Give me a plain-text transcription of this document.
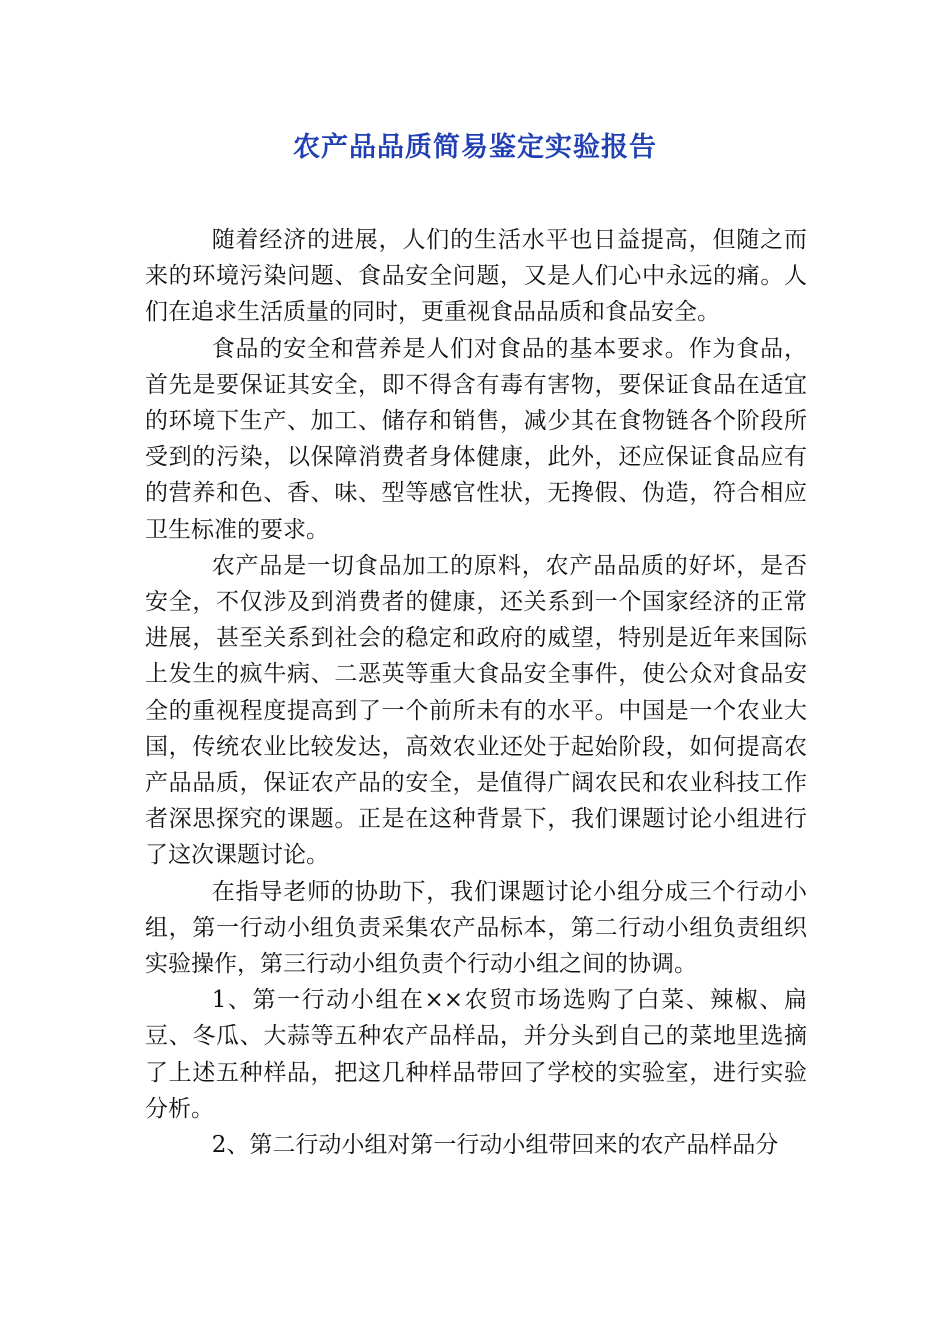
农产品品质简易鉴定实验报告

随着经济的进展，人们的生活水平也日益提高，但随之而来的环境污染问题、食品安全问题，又是人们心中永远的痛。人们在追求生活质量的同时，更重视食品品质和食品安全。

食品的安全和营养是人们对食品的基本要求。作为食品，首先是要保证其安全，即不得含有毒有害物，要保证食品在适宜的环境下生产、加工、储存和销售，减少其在食物链各个阶段所受到的污染，以保障消费者身体健康，此外，还应保证食品应有的营养和色、香、味、型等感官性状，无搀假、伪造，符合相应卫生标准的要求。

农产品是一切食品加工的原料，农产品品质的好坏，是否安全，不仅涉及到消费者的健康，还关系到一个国家经济的正常进展，甚至关系到社会的稳定和政府的威望，特别是近年来国际上发生的疯牛病、二恶英等重大食品安全事件，使公众对食品安全的重视程度提高到了一个前所未有的水平。中国是一个农业大国，传统农业比较发达，高效农业还处于起始阶段，如何提高农产品品质，保证农产品的安全，是值得广阔农民和农业科技工作者深思探究的课题。正是在这种背景下，我们课题讨论小组进行了这次课题讨论。

在指导老师的协助下，我们课题讨论小组分成三个行动小组，第一行动小组负责采集农产品标本，第二行动小组负责组织实验操作，第三行动小组负责个行动小组之间的协调。

1、第一行动小组在××农贸市场选购了白菜、辣椒、扁豆、冬瓜、大蒜等五种农产品样品，并分头到自己的菜地里选摘了上述五种样品，把这几种样品带回了学校的实验室，进行实验分析。

2、第二行动小组对第一行动小组带回来的农产品样品分
